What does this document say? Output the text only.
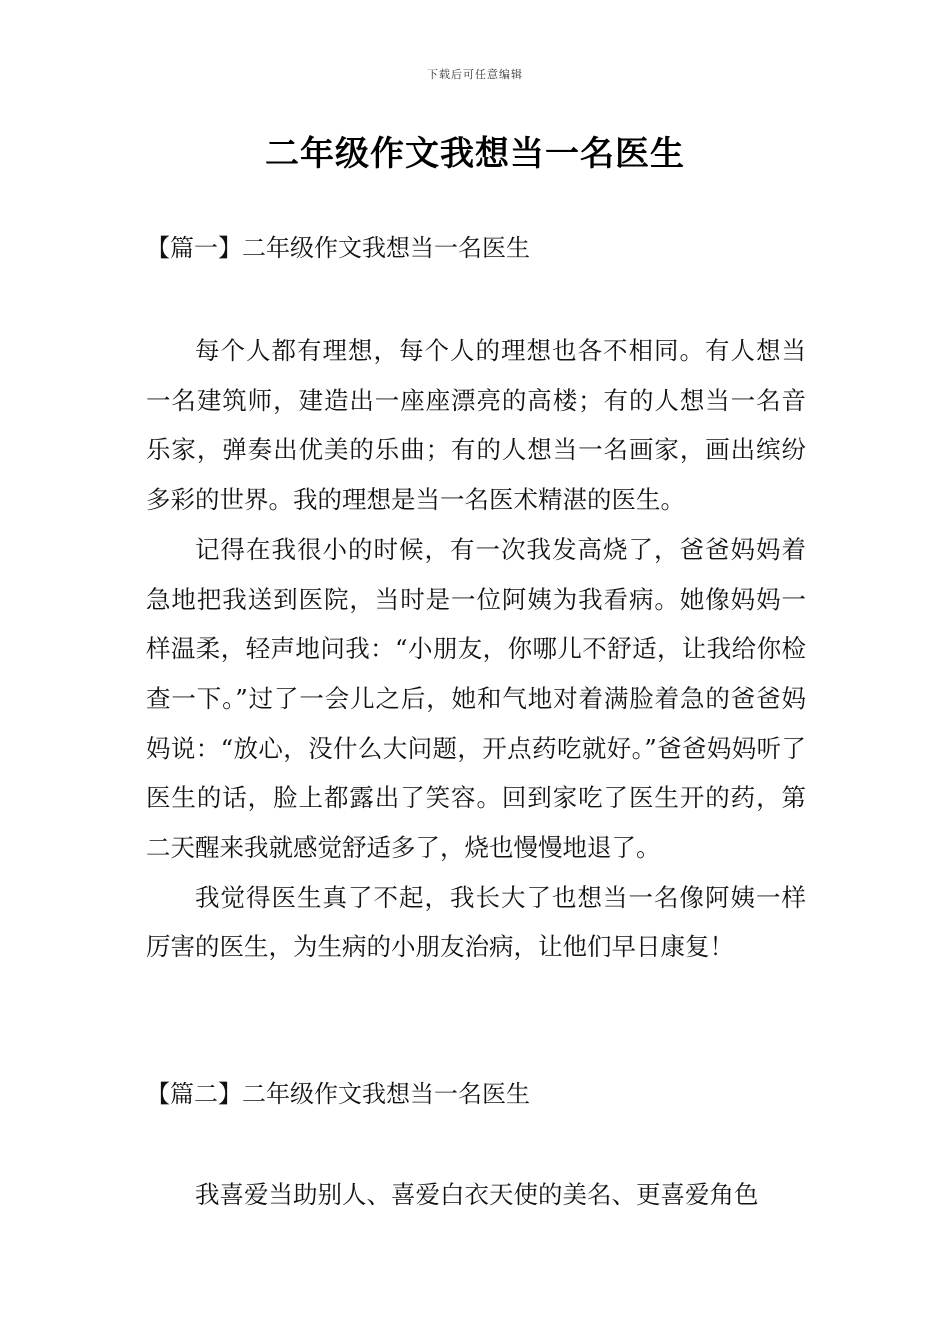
下载后可任意编辑
二年级作文我想当一名医生
【篇一】二年级作文我想当一名医生

每个人都有理想，每个人的理想也各不相同。有人想当一名建筑师，建造出一座座漂亮的高楼；有的人想当一名音乐家，弹奏出优美的乐曲；有的人想当一名画家，画出缤纷多彩的世界。我的理想是当一名医术精湛的医生。

记得在我很小的时候，有一次我发高烧了，爸爸妈妈着急地把我送到医院，当时是一位阿姨为我看病。她像妈妈一样温柔，轻声地问我：“小朋友，你哪儿不舒适，让我给你检查一下。”过了一会儿之后，她和气地对着满脸着急的爸爸妈妈说：“放心，没什么大问题，开点药吃就好。”爸爸妈妈听了医生的话，脸上都露出了笑容。回到家吃了医生开的药，第二天醒来我就感觉舒适多了，烧也慢慢地退了。

我觉得医生真了不起，我长大了也想当一名像阿姨一样厉害的医生，为生病的小朋友治病，让他们早日康复！

【篇二】二年级作文我想当一名医生

我喜爱当助别人、喜爱白衣天使的美名、更喜爱角色
